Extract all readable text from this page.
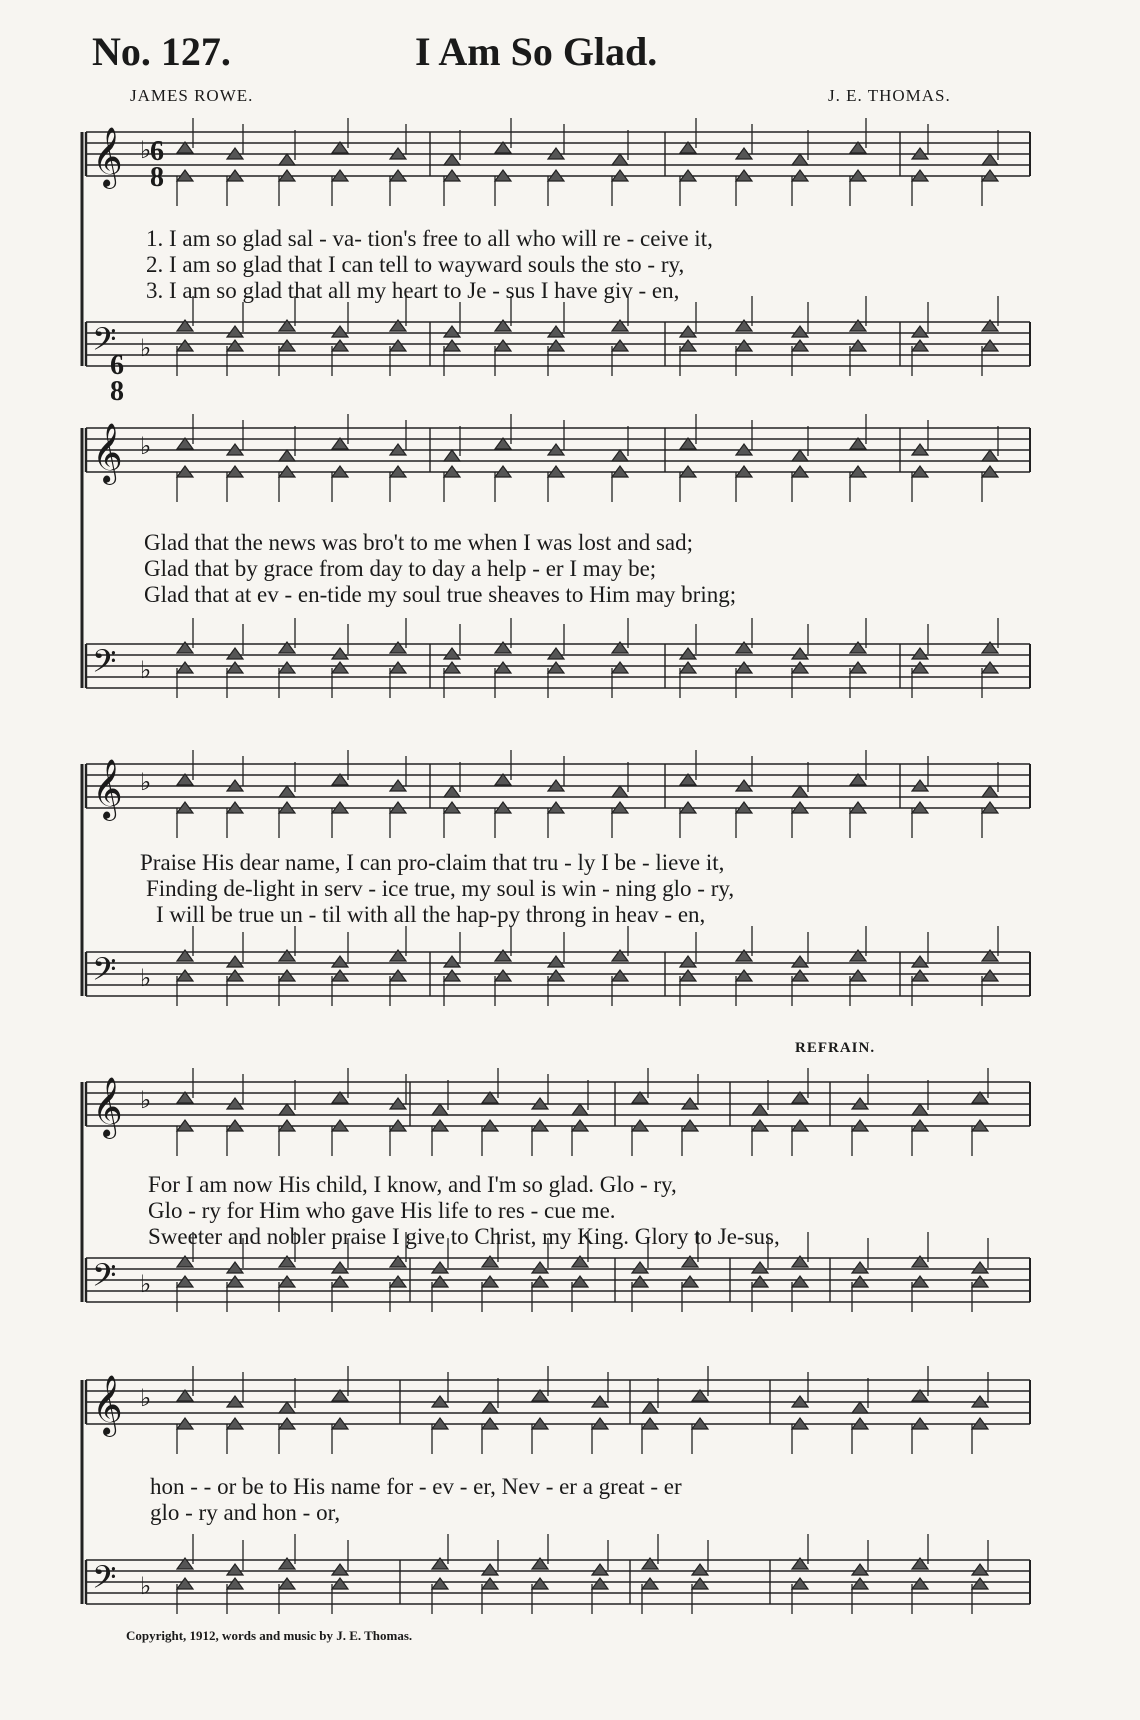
No. 127.	I Am So Glad.
JAMES ROWE.	J. E. THOMAS.
𝄞 ♭
𝄞 ♭
𝄞 ♭
𝄞 ♭
𝄞 ♭
𝄢 ♭
𝄢 ♭
𝄢 ♭
𝄢 ♭
𝄢 ♭
6
8
6
8
1. I am so glad sal - va- tion's free to all who will re - ceive it,
2. I am so glad that I can tell to wayward souls the sto - ry,
3. I am so glad that all my heart to Je - sus I have giv - en,
Glad that the news was bro't to me when I was lost and sad;
Glad that by grace from day to day a help - er I may be;
Glad that at ev - en-tide my soul true sheaves to Him may bring;
Praise His dear name, I can pro-claim that tru - ly I be - lieve it,
Finding de-light in serv - ice true, my soul is win - ning glo - ry,
I will be true un - til with all the hap-py throng in heav - en,
REFRAIN.
For I am now His child, I know, and I'm so glad. Glo - ry,
Glo - ry for Him who gave His life to res - cue me.
Sweeter and nobler praise I give to Christ, my King. Glory to Je-sus,
hon - - or be to His name for - ev - er, Nev - er a great - er
glo - ry and hon - or,
Copyright, 1912, words and music by J. E. Thomas.
